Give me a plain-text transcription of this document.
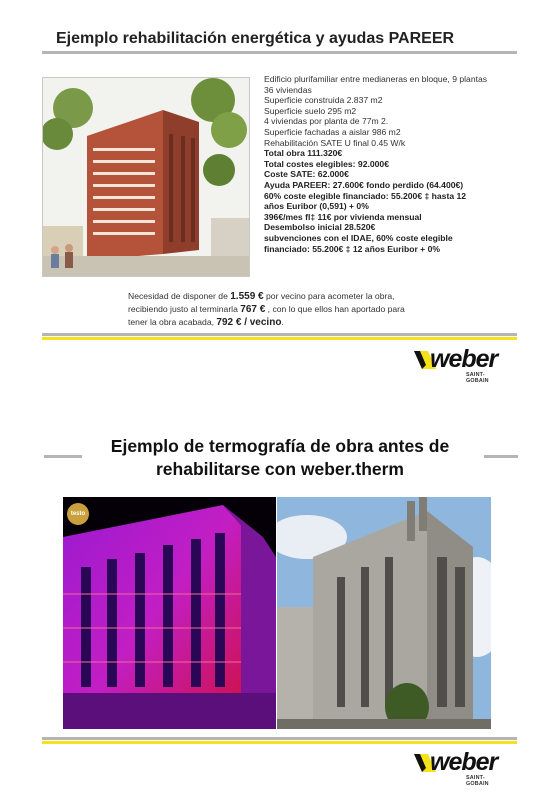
Ejemplo rehabilitación energética y ayudas PAREER
Edificio plurifamiliar entre medianeras en bloque, 9 plantas
36 viviendas
Superficie construida 2.837 m2
Superficie suelo 295 m2
4 viviendas por planta de 77m 2.
Superficie fachadas a aislar 986 m2
Rehabilitación SATE U final 0.45 W/k
Total obra 111.320€
Total costes elegibles: 92.000€
Coste SATE: 62.000€
Ayuda PAREER: 27.600€ fondo perdido (64.400€)
60% coste elegible financiado: 55.200€ ‡ hasta 12
años Euribor (0,591) + 0%
396€/mes fl‡ 11€ por vivienda mensual
Desembolso inicial 28.520€
subvenciones con el IDAE, 60% coste elegible
financiado: 55.200€ ‡ 12 años Euribor + 0%
Necesidad de disponer de 1.559 € por vecino para acometer la obra,
recibiendo justo al terminarla 767 € , con lo que ellos han aportado para
tener la obra acabada, 792 € / vecino.
weber
SAINT-GOBAIN
Ejemplo de termografía de obra antes de
rehabilitarse con weber.therm
testo
weber
SAINT-GOBAIN
